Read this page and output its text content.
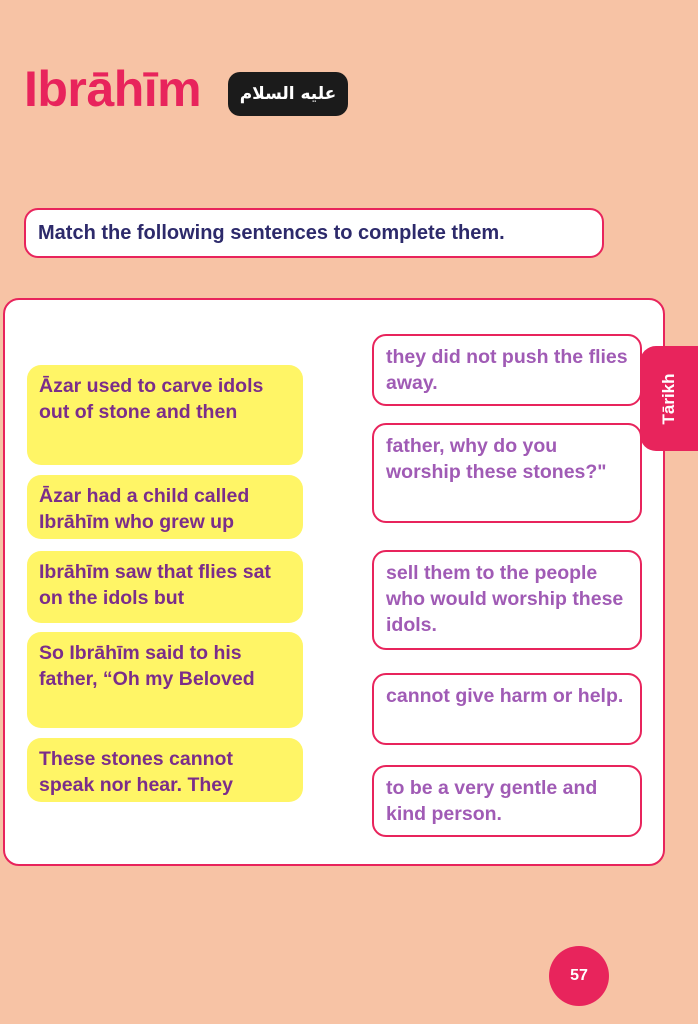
Ibrāhīm	عليه السلام
Match the following sentences to complete them.
Āzar used to carve idols out of stone and then
Āzar had a child called Ibrāhīm who grew up
Ibrāhīm saw that flies sat on the idols but
So Ibrāhīm said to his father, “Oh my Beloved
These stones cannot speak nor hear. They
they did not push the flies away.
father, why do you worship these stones?"
sell them to the people who would worship these idols.
cannot give harm or help.
to be a very gentle and kind person.
Tārikh
57
